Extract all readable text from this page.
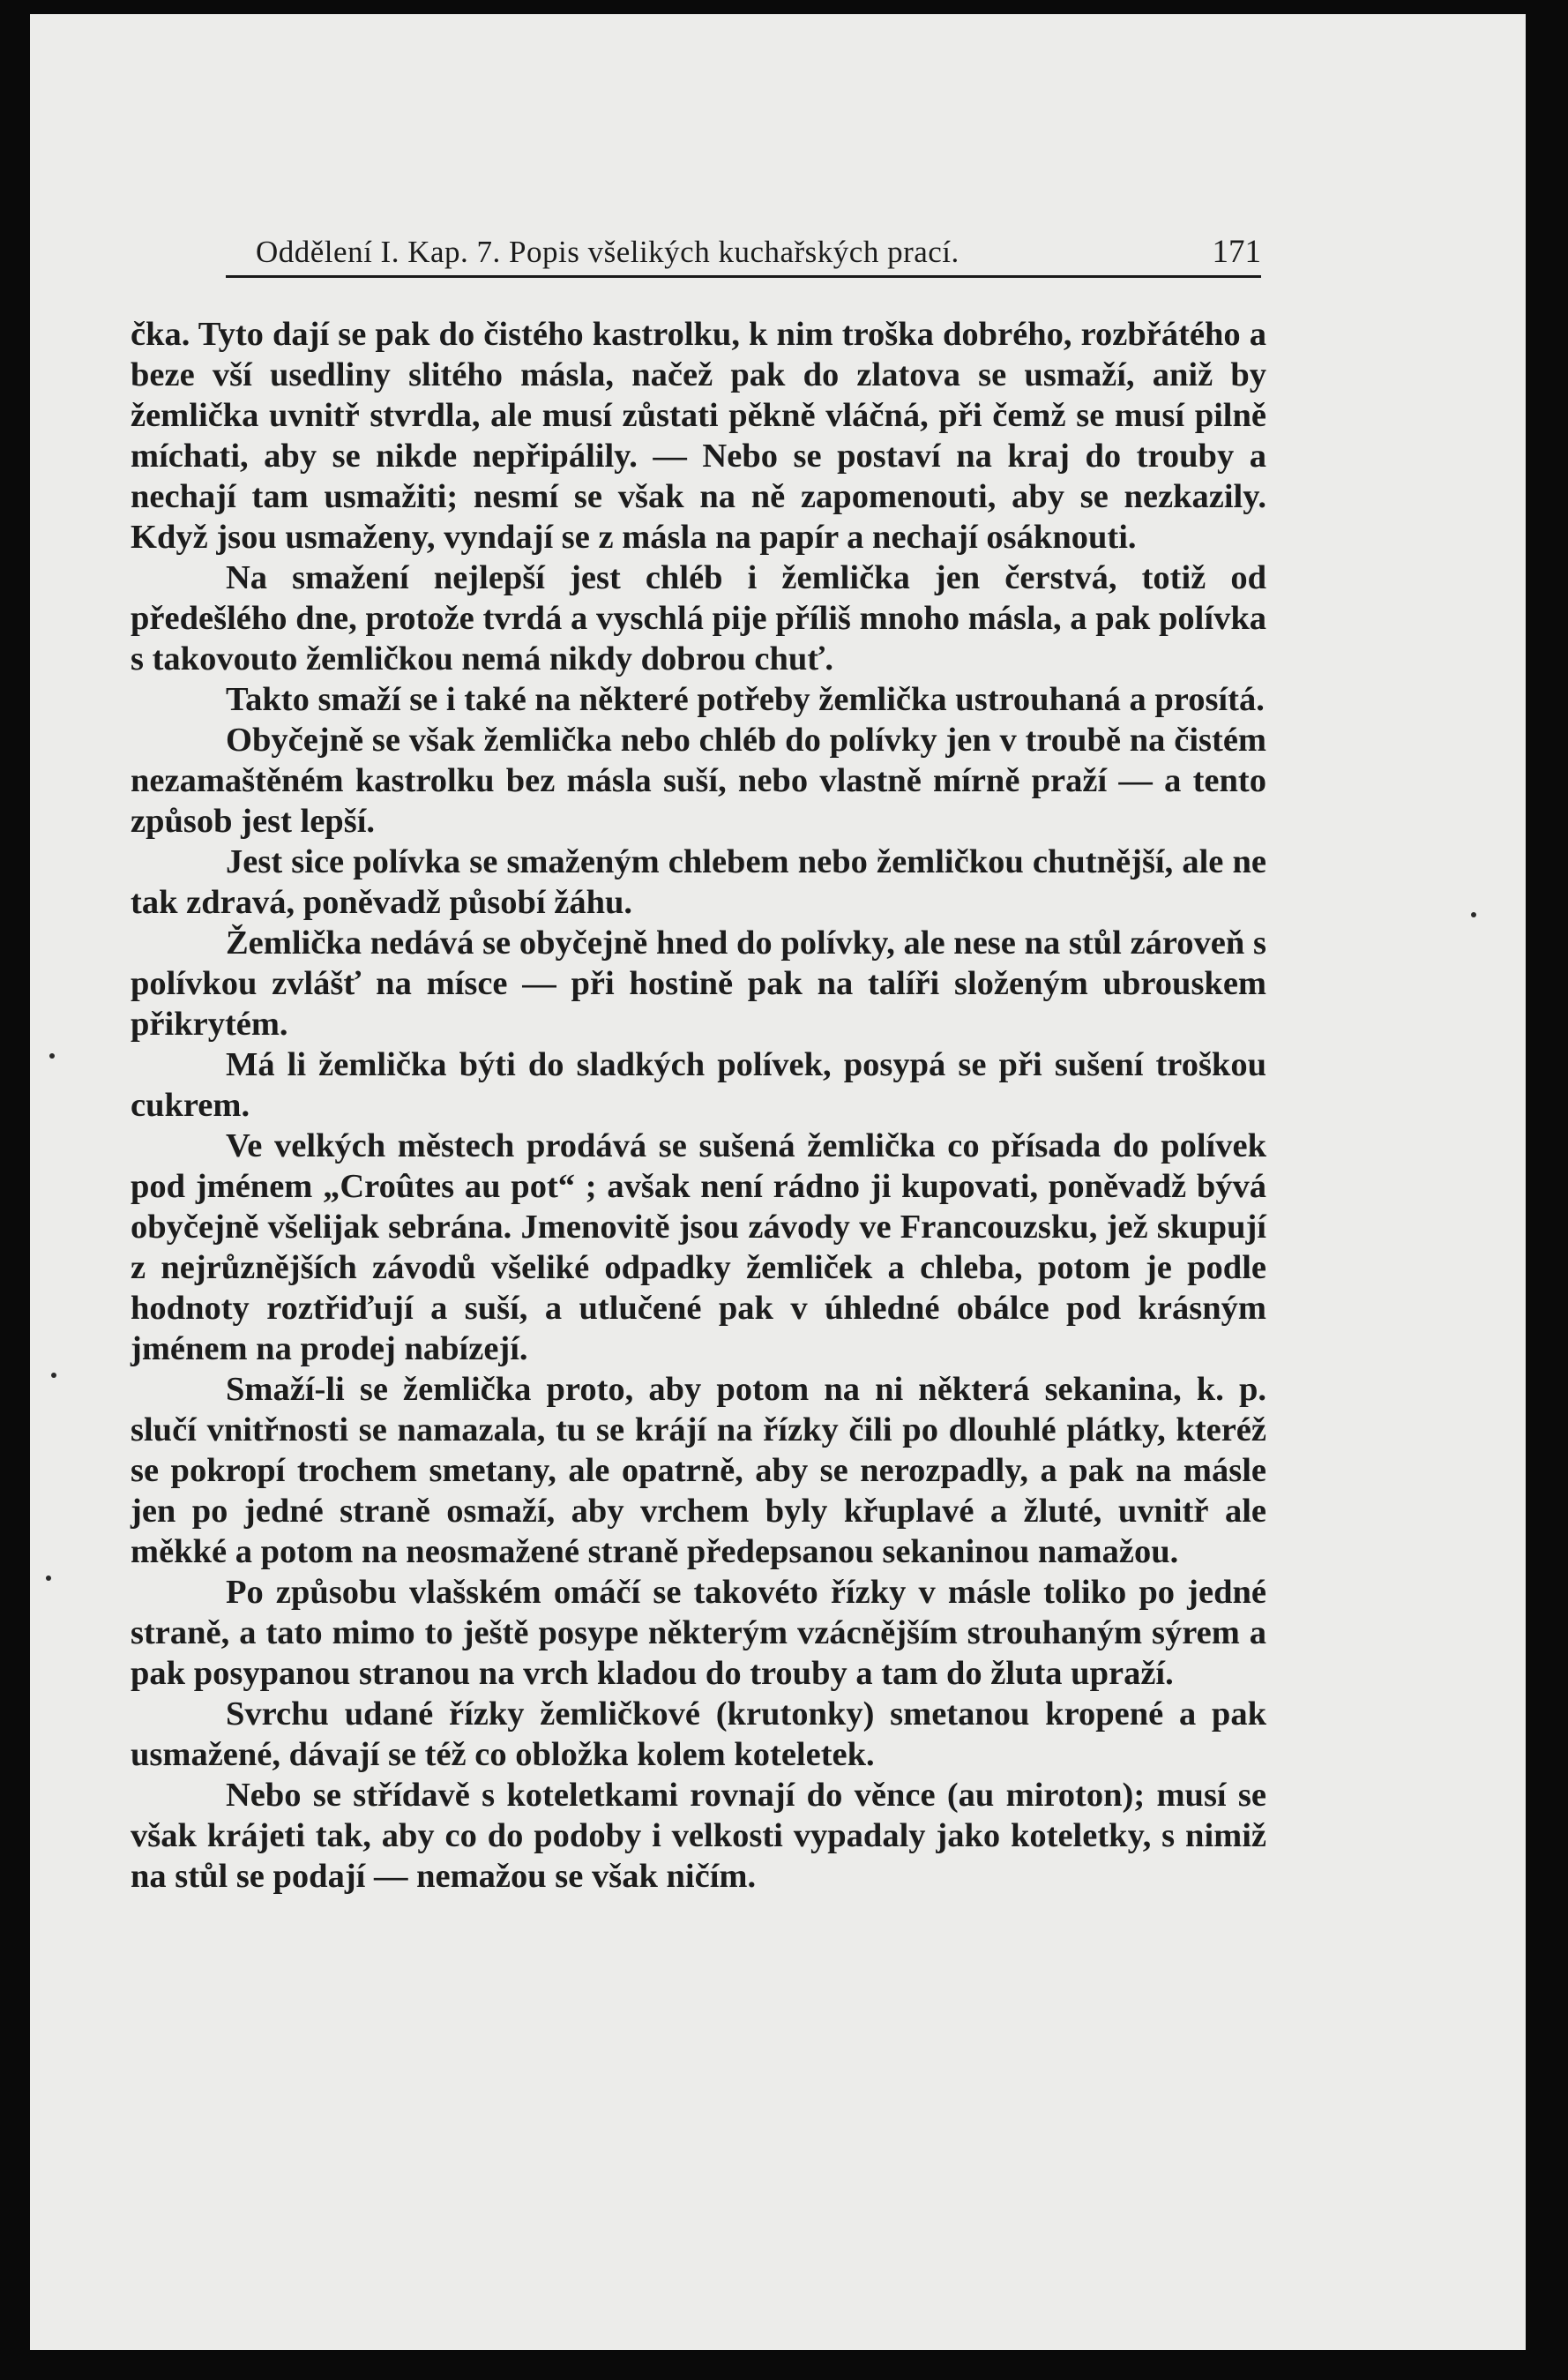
Oddělení I. Kap. 7. Popis všelikých kuchařských prací.	171

čka. Tyto dají se pak do čistého kastrolku, k nim troška dobrého, rozbřátého a beze vší usedliny slitého másla, načež pak do zlatova se usmaží, aniž by žemlička uvnitř stvrdla, ale musí zůstati pěkně vláčná, při čemž se musí pilně míchati, aby se nikde nepřipálily. — Nebo se postaví na kraj do trouby a nechají tam usmažiti; nesmí se však na ně zapomenouti, aby se nezkazily. Když jsou usmaženy, vyndají se z másla na papír a nechají osáknouti.

Na smažení nejlepší jest chléb i žemlička jen čerstvá, totiž od předešlého dne, protože tvrdá a vyschlá pije příliš mnoho másla, a pak polívka s takovouto žemličkou nemá nikdy dobrou chuť.

Takto smaží se i také na některé potřeby žemlička ustrouhaná a prosítá.

Obyčejně se však žemlička nebo chléb do polívky jen v troubě na čistém nezamaštěném kastrolku bez másla suší, nebo vlastně mírně praží — a tento způsob jest lepší.

Jest sice polívka se smaženým chlebem nebo žemličkou chutnější, ale ne tak zdravá, poněvadž působí žáhu.

Žemlička nedává se obyčejně hned do polívky, ale nese na stůl zároveň s polívkou zvlášť na mísce — při hostině pak na talíři složeným ubrouskem přikrytém.

Má li žemlička býti do sladkých polívek, posypá se při sušení troškou cukrem.

Ve velkých městech prodává se sušená žemlička co přísada do polívek pod jménem „Croûtes au pot“ ; avšak není rádno ji kupovati, poněvadž bývá obyčejně všelijak sebrána. Jmenovitě jsou závody ve Francouzsku, jež skupují z nejrůznějších závodů všeliké odpadky žemliček a chleba, potom je podle hodnoty roztřiďují a suší, a utlučené pak v úhledné obálce pod krásným jménem na prodej nabízejí.

Smaží-li se žemlička proto, aby potom na ni některá sekanina, k. p. slučí vnitřnosti se namazala, tu se krájí na řízky čili po dlouhlé plátky, kteréž se pokropí trochem smetany, ale opatrně, aby se nerozpadly, a pak na másle jen po jedné straně osmaží, aby vrchem byly křuplavé a žluté, uvnitř ale měkké a potom na neosmažené straně předepsanou sekaninou namažou.

Po způsobu vlašském omáčí se takovéto řízky v másle toliko po jedné straně, a tato mimo to ještě posype některým vzácnějším strouhaným sýrem a pak posypanou stranou na vrch kladou do trouby a tam do žluta upraží.

Svrchu udané řízky žemličkové (krutonky) smetanou kropené a pak usmažené, dávají se též co obložka kolem koteletek.

Nebo se střídavě s koteletkami rovnají do věnce (au miroton); musí se však krájeti tak, aby co do podoby i velkosti vypadaly jako koteletky, s nimiž na stůl se podají — nemažou se však ničím.
